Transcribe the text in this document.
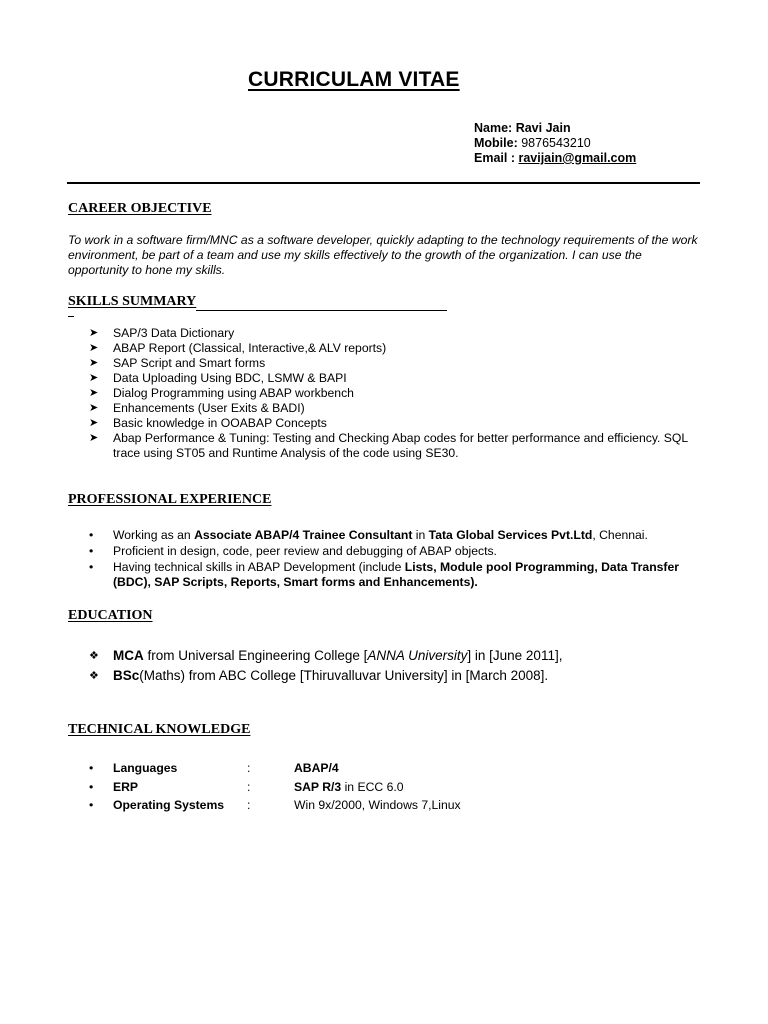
CURRICULAM VITAE
Name: Ravi Jain
Mobile: 9876543210
Email : ravijain@gmail.com
CAREER OBJECTIVE

To work in a software firm/MNC as a software developer, quickly adapting to the technology requirements of the work environment, be part of a team and use my skills effectively to the growth of the organization. I can use the opportunity to hone my skills.

SKILLS SUMMARY
➤ SAP/3 Data Dictionary
➤ ABAP Report (Classical, Interactive,& ALV reports)
➤ SAP Script and Smart forms
➤ Data Uploading Using BDC, LSMW & BAPI
➤ Dialog Programming using ABAP workbench
➤ Enhancements (User Exits & BADI)
➤ Basic knowledge in OOABAP Concepts
➤ Abap Performance & Tuning: Testing and Checking Abap codes for better performance and efficiency. SQL trace using ST05 and Runtime Analysis of the code using SE30.
PROFESSIONAL EXPERIENCE
• Working as an Associate ABAP/4 Trainee Consultant in Tata Global Services Pvt.Ltd, Chennai.
• Proficient in design, code, peer review and debugging of ABAP objects.
• Having technical skills in ABAP Development (include Lists, Module pool Programming, Data Transfer (BDC), SAP Scripts, Reports, Smart forms and Enhancements).
EDUCATION
❖ MCA from Universal Engineering College [ANNA University] in [June 2011],
❖ BSc(Maths) from ABC College [Thiruvalluvar University] in [March 2008].
TECHNICAL KNOWLEDGE
• Languages	:	ABAP/4
• ERP	:	SAP R/3 in ECC 6.0
• Operating Systems :	Win 9x/2000, Windows 7,Linux
